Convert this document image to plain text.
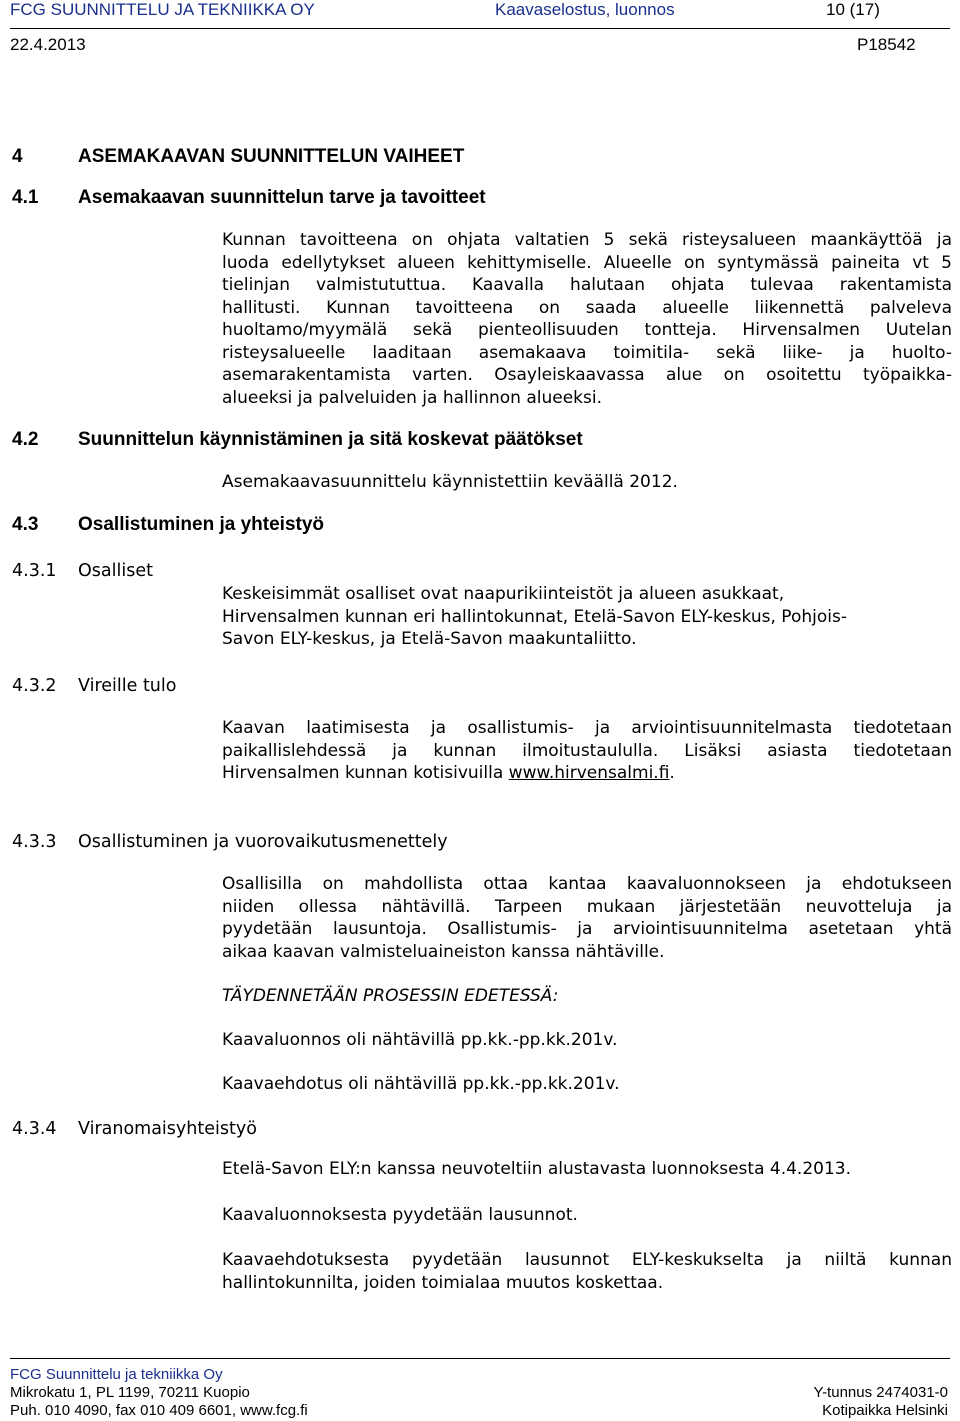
FCG SUUNNITTELU JA TEKNIIKKA OY	Kaavaselostus, luonnos	10 (17)
22.4.2013	P18542
4	ASEMAKAAVAN SUUNNITTELUN VAIHEET
4.1 Asemakaavan suunnittelun tarve ja tavoitteet
Kunnan tavoitteena on ohjata valtatien 5 sekä risteysalueen maankäyttöä ja
luoda edellytykset alueen kehittymiselle. Alueelle on syntymässä paineita vt 5
tielinjan valmistututtua. Kaavalla halutaan ohjata tulevaa rakentamista
hallitusti. Kunnan tavoitteena on saada alueelle liikennettä palveleva
huoltamo/myymälä sekä pienteollisuuden tontteja. Hirvensalmen Uutelan
risteysalueelle laaditaan asemakaava toimitila- sekä liike- ja huolto-
asemarakentamista varten. Osayleiskaavassa alue on osoitettu työpaikka-
alueeksi ja palveluiden ja hallinnon alueeksi.
4.2 Suunnittelun käynnistäminen ja sitä koskevat päätökset
Asemakaavasuunnittelu käynnistettiin keväällä 2012.
4.3 Osallistuminen ja yhteistyö
4.3.1 Osalliset
Keskeisimmät osalliset ovat naapurikiinteistöt ja alueen asukkaat,
Hirvensalmen kunnan eri hallintokunnat, Etelä-Savon ELY-keskus, Pohjois-
Savon ELY-keskus, ja Etelä-Savon maakuntaliitto.
4.3.2 Vireille tulo
Kaavan laatimisesta ja osallistumis- ja arviointisuunnitelmasta tiedotetaan
paikallislehdessä ja kunnan ilmoitustaululla. Lisäksi asiasta tiedotetaan
Hirvensalmen kunnan kotisivuilla www.hirvensalmi.fi.
4.3.3 Osallistuminen ja vuorovaikutusmenettely
Osallisilla on mahdollista ottaa kantaa kaavaluonnokseen ja ehdotukseen
niiden ollessa nähtävillä. Tarpeen mukaan järjestetään neuvotteluja ja
pyydetään lausuntoja. Osallistumis- ja arviointisuunnitelma asetetaan yhtä
aikaa kaavan valmisteluaineiston kanssa nähtäville.
TÄYDENNETÄÄN PROSESSIN EDETESSÄ:
Kaavaluonnos oli nähtävillä pp.kk.-pp.kk.201v.
Kaavaehdotus oli nähtävillä pp.kk.-pp.kk.201v.
4.3.4 Viranomaisyhteistyö
Etelä-Savon ELY:n kanssa neuvoteltiin alustavasta luonnoksesta 4.4.2013.
Kaavaluonnoksesta pyydetään lausunnot.
Kaavaehdotuksesta pyydetään lausunnot ELY-keskukselta ja niiltä kunnan
hallintokunnilta, joiden toimialaa muutos koskettaa.
FCG Suunnittelu ja tekniikka Oy
Mikrokatu 1, PL 1199, 70211 Kuopio
Puh. 010 4090, fax 010 409 6601, www.fcg.fi
Y-tunnus 2474031-0
Kotipaikka Helsinki
